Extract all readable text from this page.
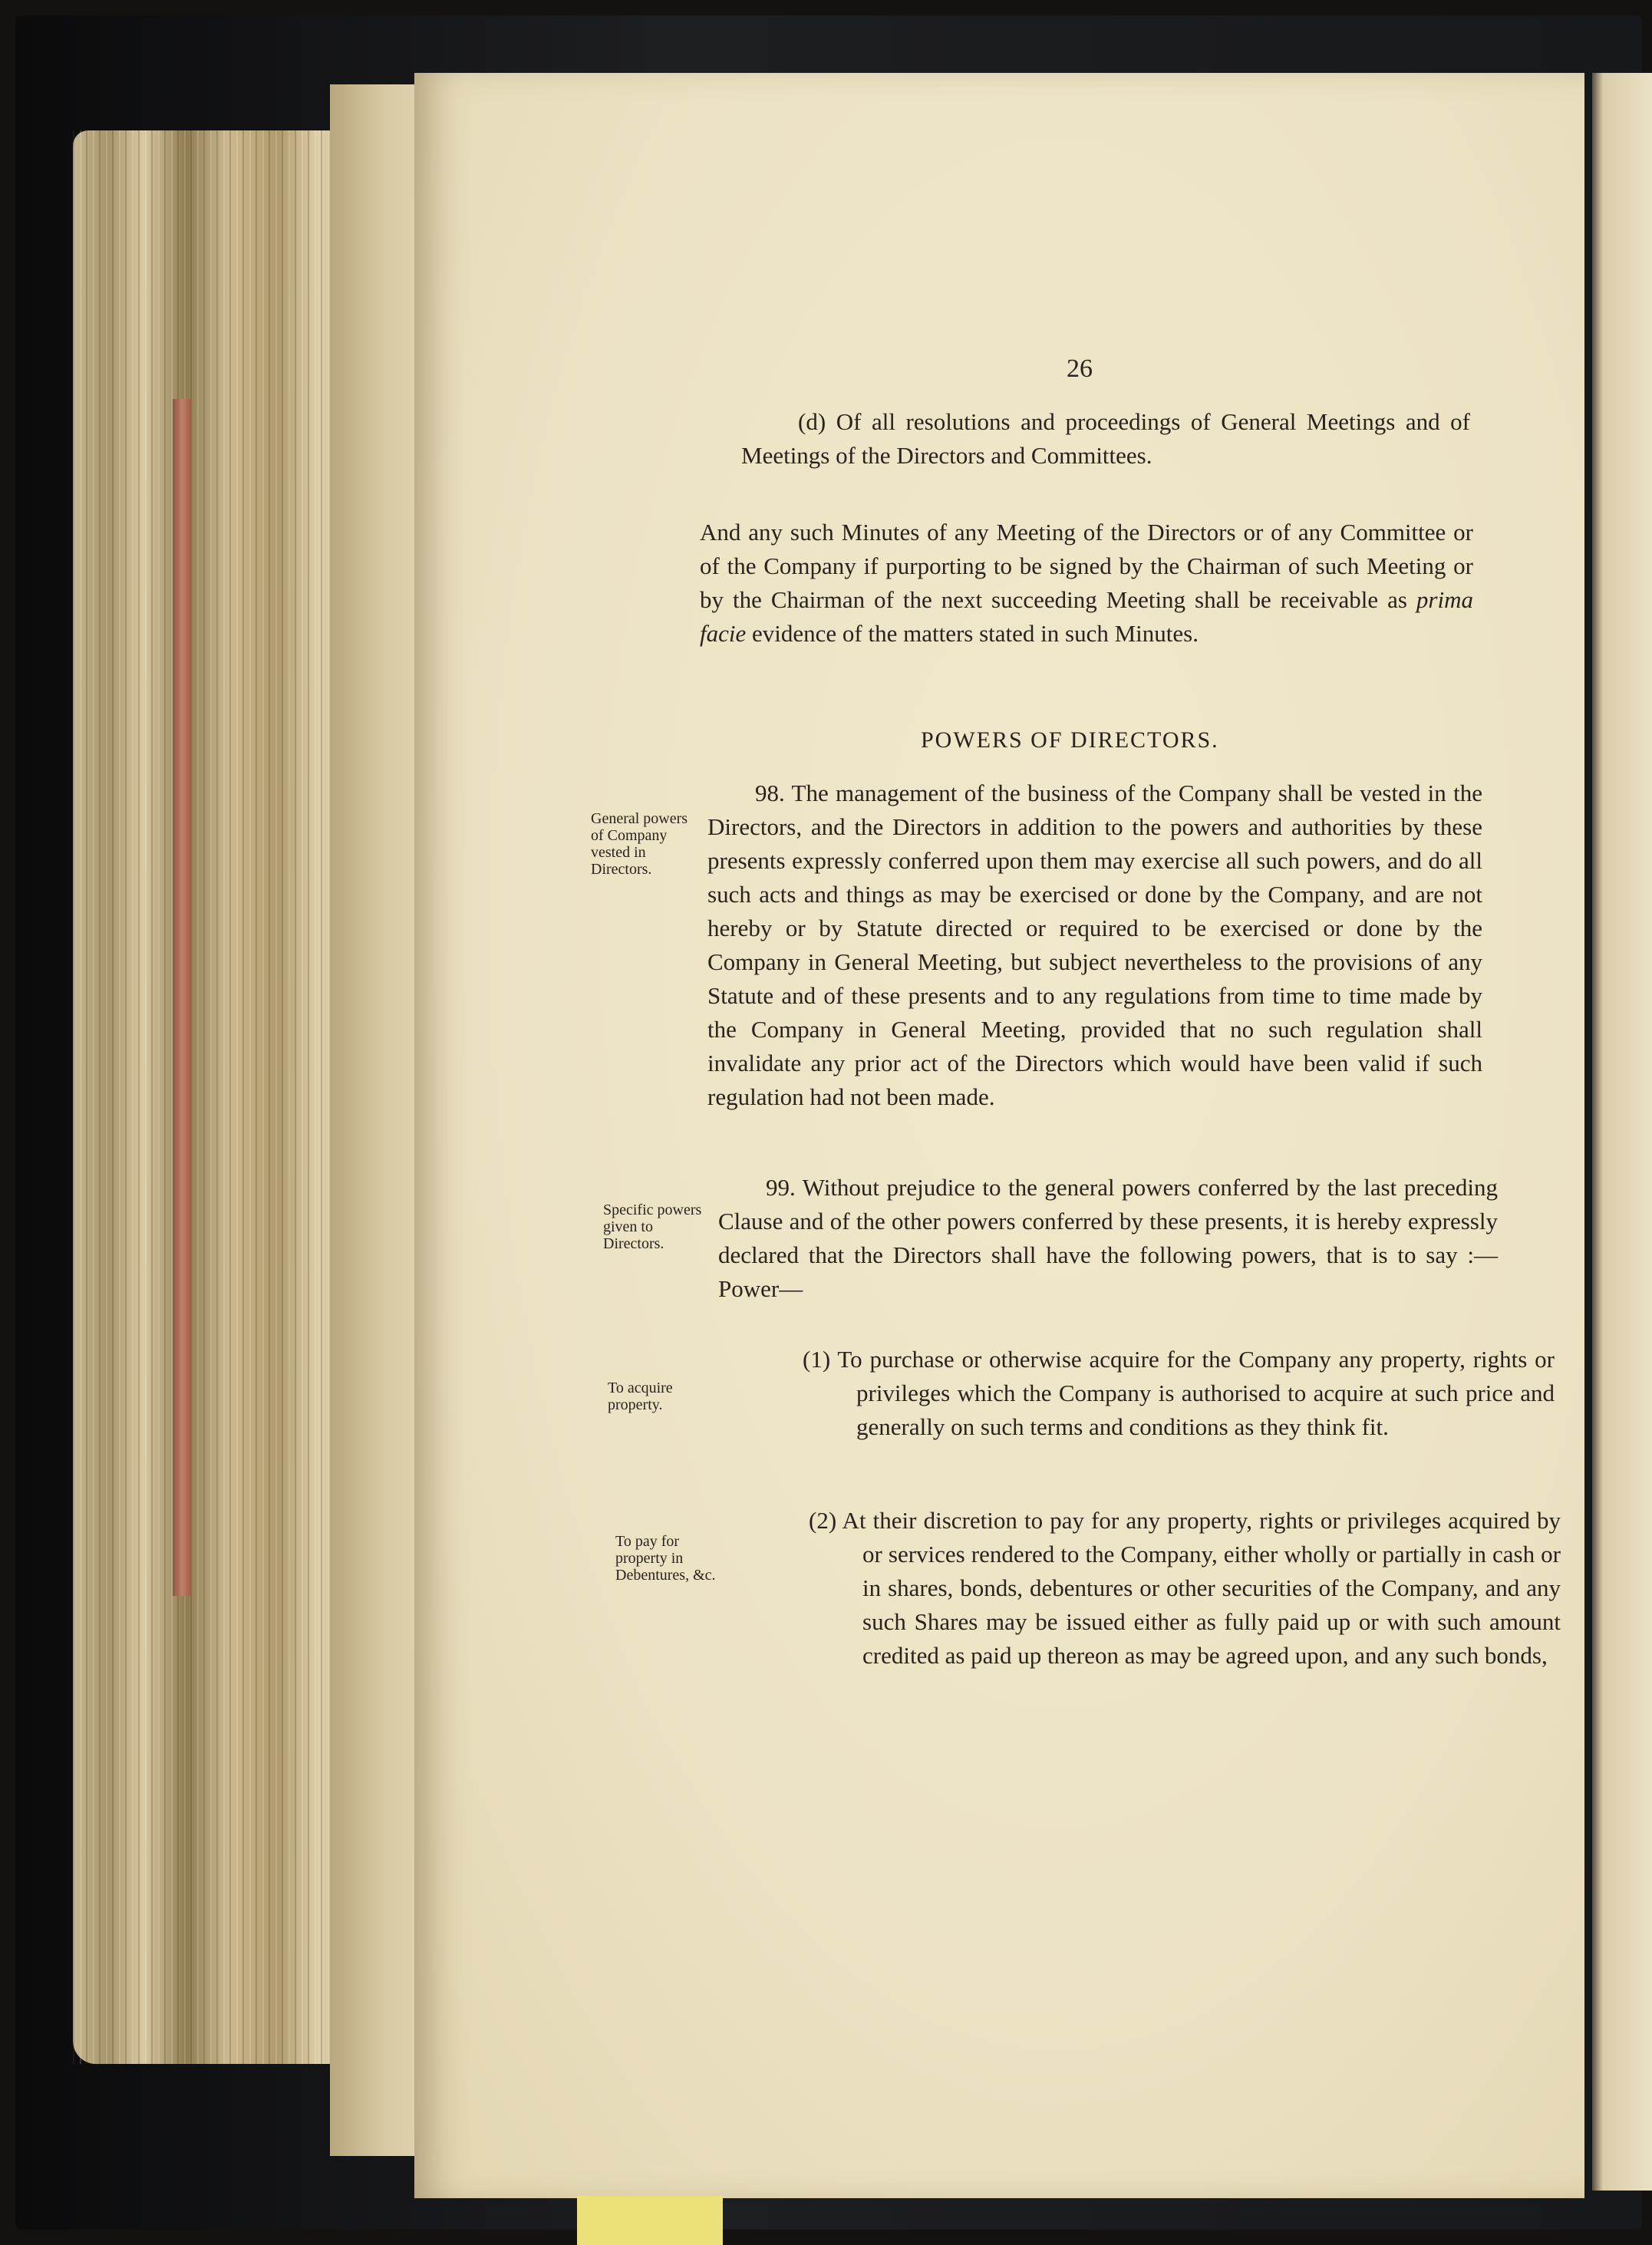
26
(d) Of all resolutions and proceedings of General Meetings and of Meetings of the Directors and Committees.
And any such Minutes of any Meeting of the Directors or of any Committee or of the Company if purporting to be signed by the Chairman of such Meeting or by the Chairman of the next succeeding Meeting shall be receivable as prima facie evidence of the matters stated in such Minutes.
POWERS OF DIRECTORS.
General powers of Company vested in Directors.
98. The management of the business of the Company shall be vested in the Directors, and the Directors in addition to the powers and authorities by these presents expressly conferred upon them may exercise all such powers, and do all such acts and things as may be exercised or done by the Company, and are not hereby or by Statute directed or required to be exercised or done by the Company in General Meeting, but subject nevertheless to the provisions of any Statute and of these presents and to any regulations from time to time made by the Company in General Meeting, provided that no such regulation shall invalidate any prior act of the Directors which would have been valid if such regulation had not been made.
Specific powers given to Directors.
99. Without prejudice to the general powers conferred by the last preceding Clause and of the other powers conferred by these presents, it is hereby expressly declared that the Directors shall have the following powers, that is to say :—Power—
To acquire property.
(1) To purchase or otherwise acquire for the Company any property, rights or privileges which the Company is authorised to acquire at such price and generally on such terms and conditions as they think fit.
To pay for property in Debentures, &c.
(2) At their discretion to pay for any property, rights or privileges acquired by or services rendered to the Company, either wholly or partially in cash or in shares, bonds, debentures or other securities of the Company, and any such Shares may be issued either as fully paid up or with such amount credited as paid up thereon as may be agreed upon, and any such bonds,
